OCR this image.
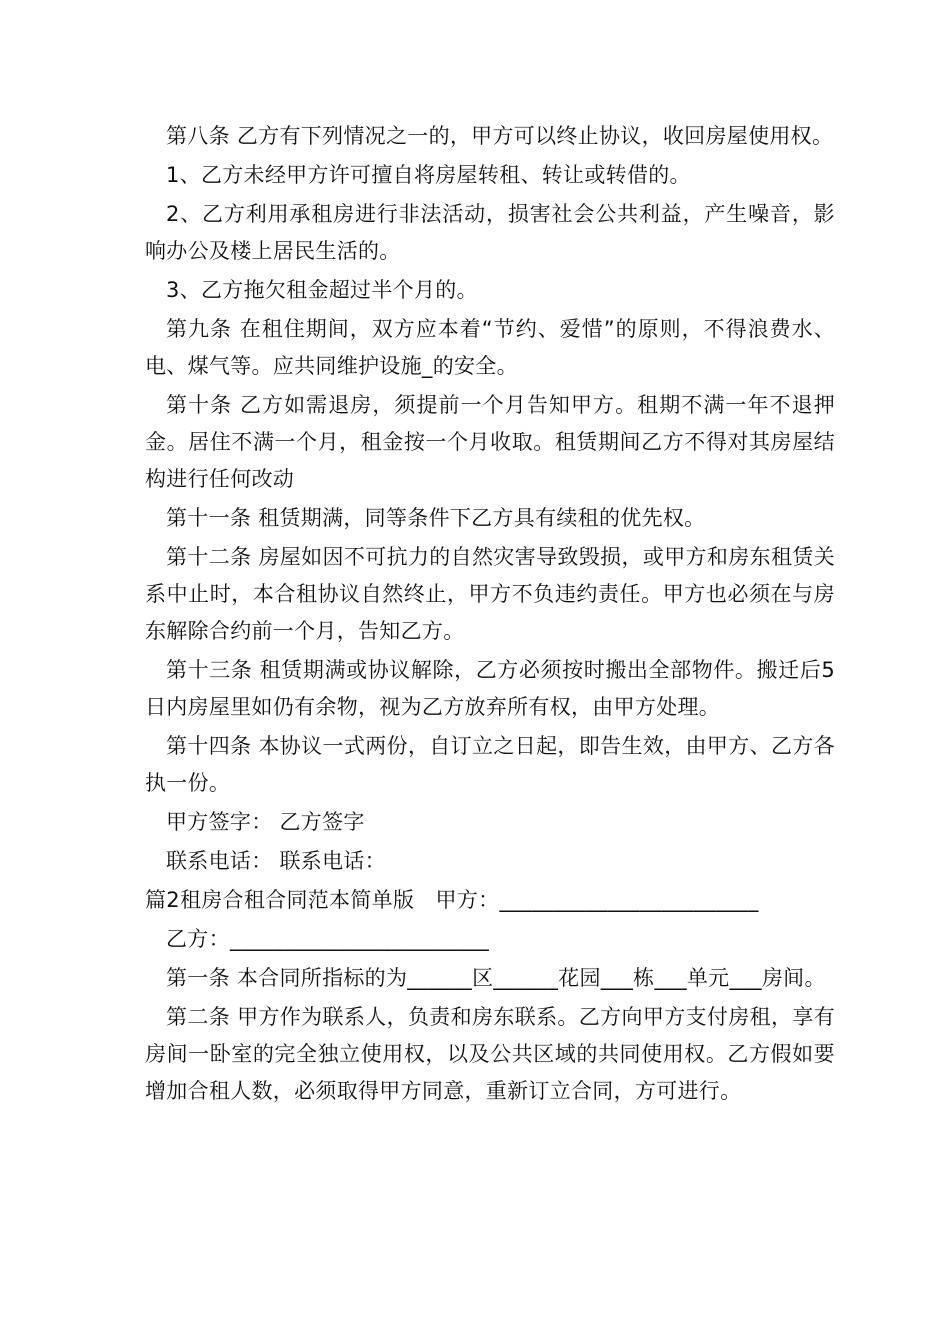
第八条 乙方有下列情况之一的，甲方可以终止协议，收回房屋使用权。

1、乙方未经甲方许可擅自将房屋转租、转让或转借的。

2、乙方利用承租房进行非法活动，损害社会公共利益，产生噪音，影响办公及楼上居民生活的。

3、乙方拖欠租金超过半个月的。

第九条 在租住期间，双方应本着“节约、爱惜”的原则，不得浪费水、电、煤气等。应共同维护设施_的安全。

第十条 乙方如需退房，须提前一个月告知甲方。租期不满一年不退押金。居住不满一个月，租金按一个月收取。租赁期间乙方不得对其房屋结构进行任何改动

第十一条 租赁期满，同等条件下乙方具有续租的优先权。

第十二条 房屋如因不可抗力的自然灾害导致毁损，或甲方和房东租赁关系中止时，本合租协议自然终止，甲方不负违约责任。甲方也必须在与房东解除合约前一个月，告知乙方。

第十三条 租赁期满或协议解除，乙方必须按时搬出全部物件。搬迁后5日内房屋里如仍有余物，视为乙方放弃所有权，由甲方处理。

第十四条 本协议一式两份，自订立之日起，即告生效，由甲方、乙方各执一份。

甲方签字： 乙方签字

联系电话： 联系电话：

篇2租房合租合同范本简单版　甲方：________________________

乙方：________________________

第一条 本合同所指标的为______区______花园___栋___单元___房间。

第二条 甲方作为联系人，负责和房东联系。乙方向甲方支付房租，享有房间一卧室的完全独立使用权，以及公共区域的共同使用权。乙方假如要增加合租人数，必须取得甲方同意，重新订立合同，方可进行。
